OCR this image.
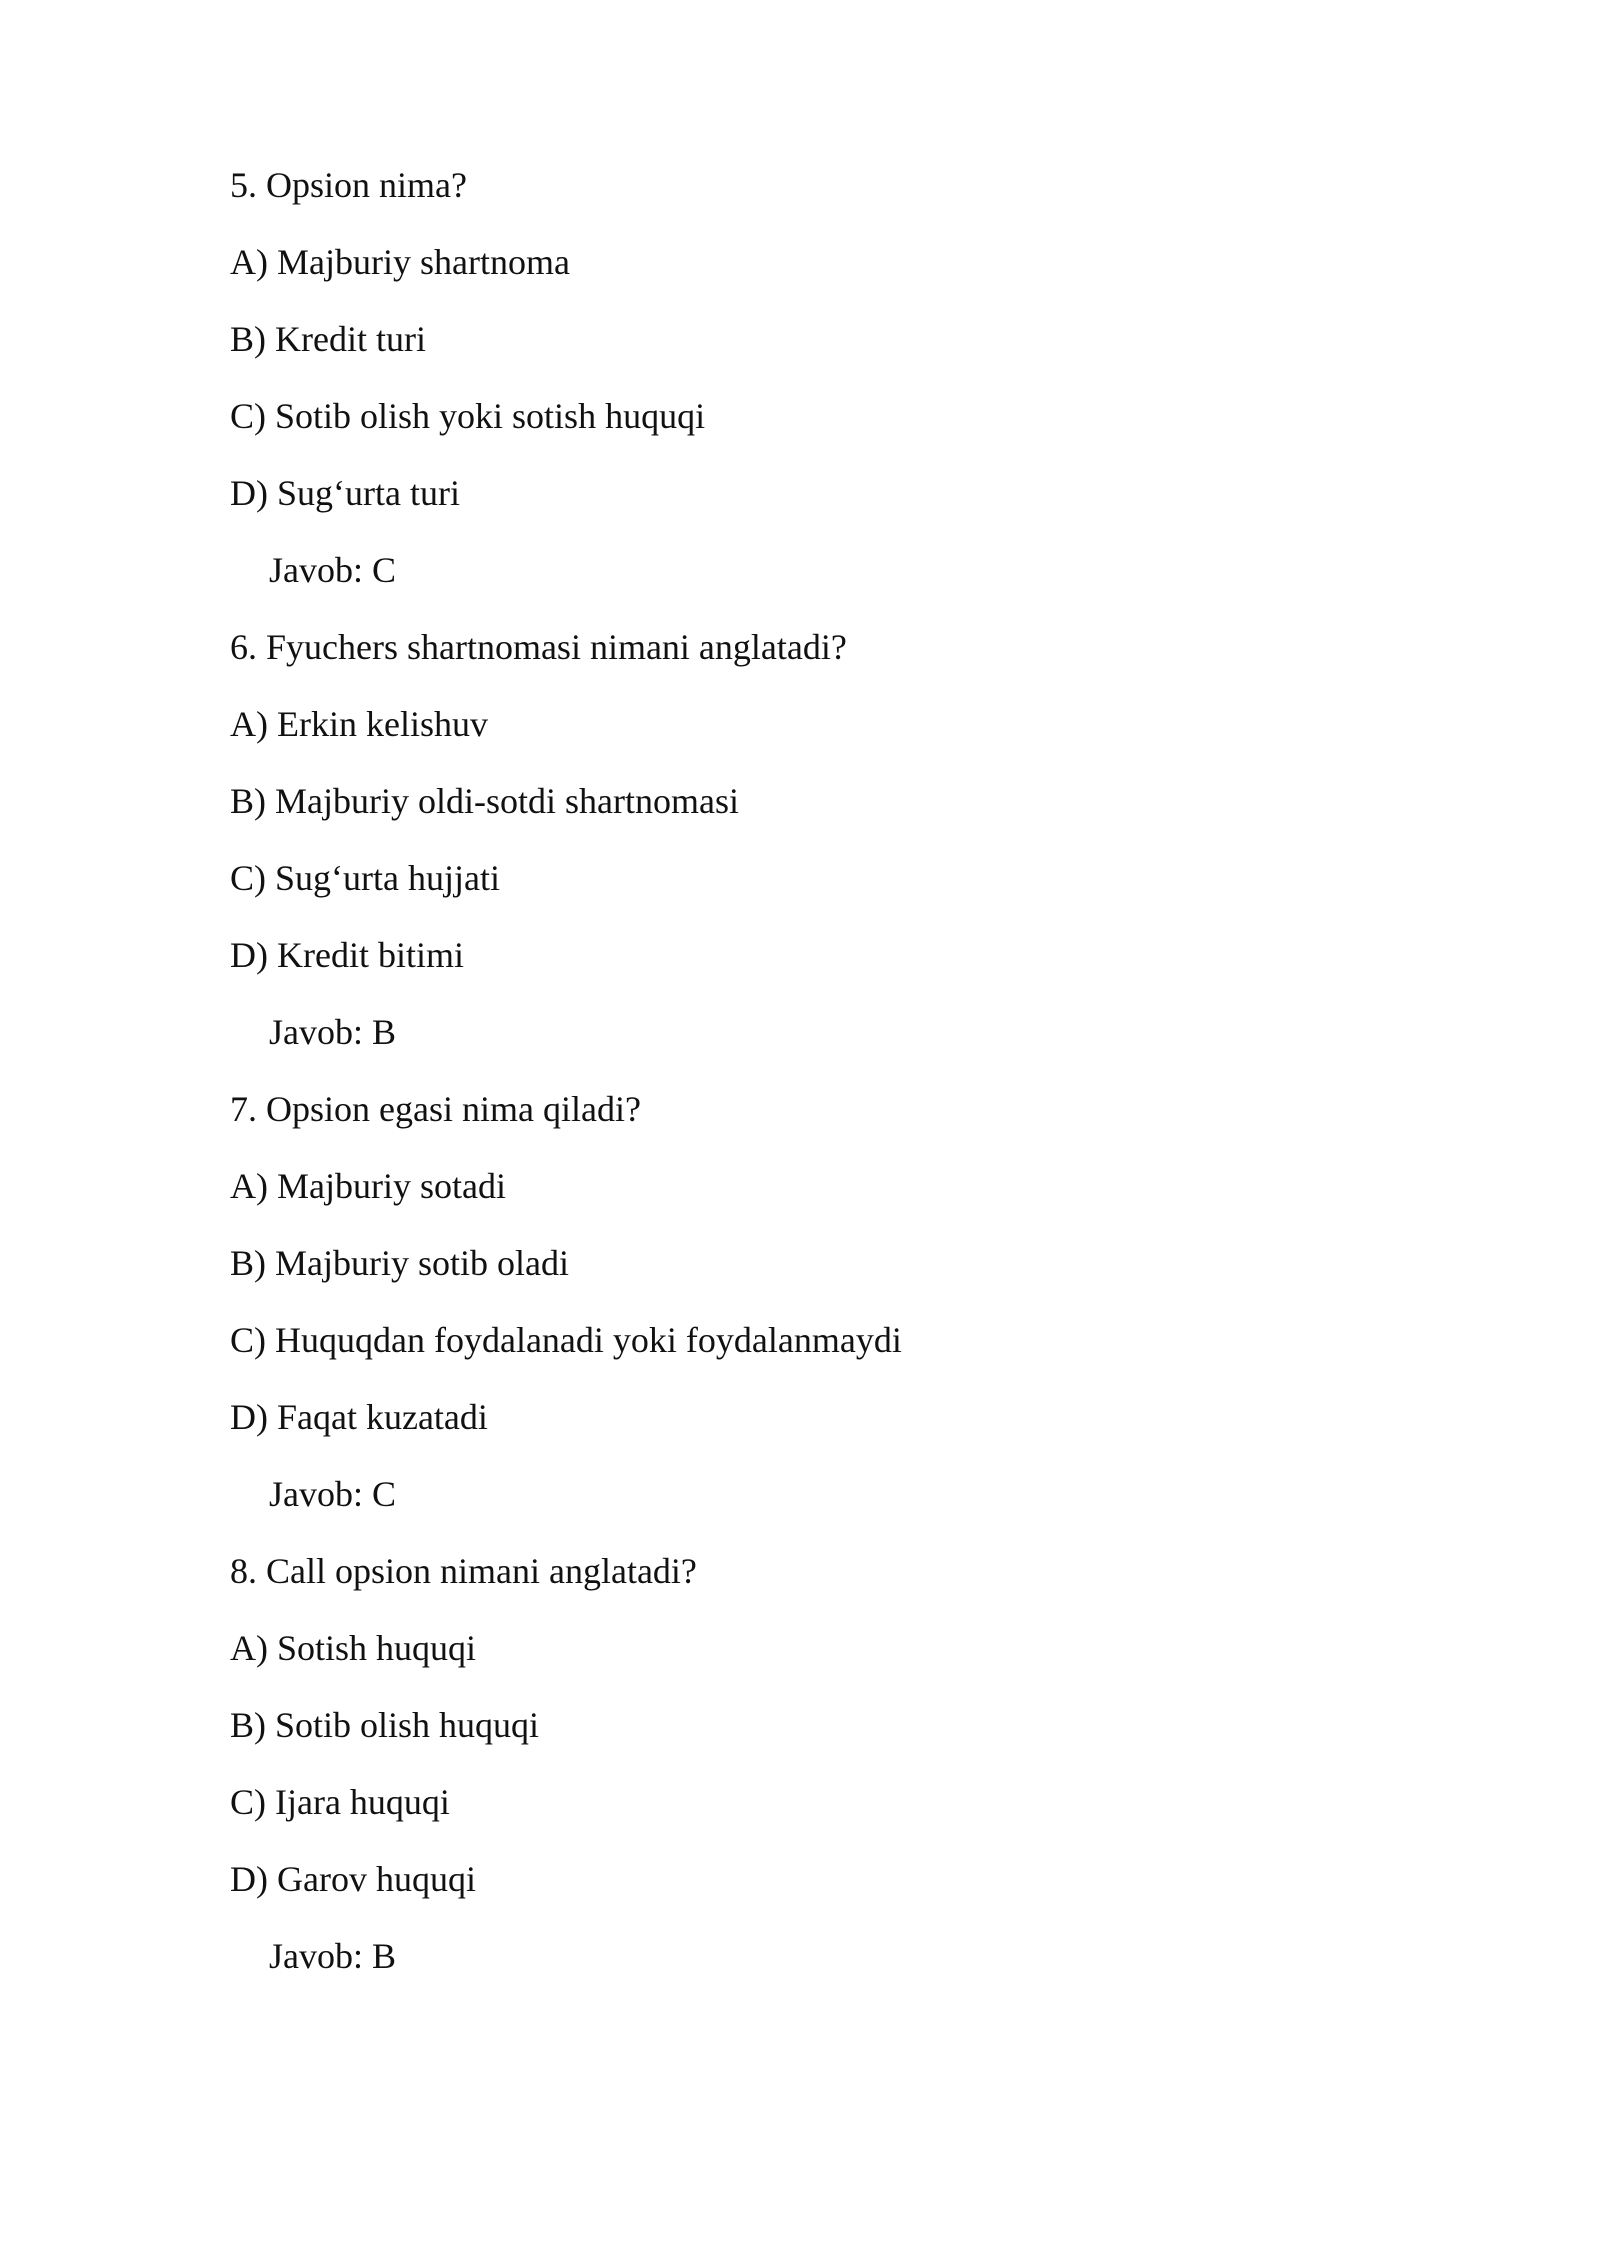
5. Opsion nima?
A) Majburiy shartnoma
B) Kredit turi
C) Sotib olish yoki sotish huquqi
D) Sug‘urta turi
Javob: C
6. Fyuchers shartnomasi nimani anglatadi?
A) Erkin kelishuv
B) Majburiy oldi-sotdi shartnomasi
C) Sug‘urta hujjati
D) Kredit bitimi
Javob: B
7. Opsion egasi nima qiladi?
A) Majburiy sotadi
B) Majburiy sotib oladi
C) Huquqdan foydalanadi yoki foydalanmaydi
D) Faqat kuzatadi
Javob: C
8. Call opsion nimani anglatadi?
A) Sotish huquqi
B) Sotib olish huquqi
C) Ijara huquqi
D) Garov huquqi
Javob: B
